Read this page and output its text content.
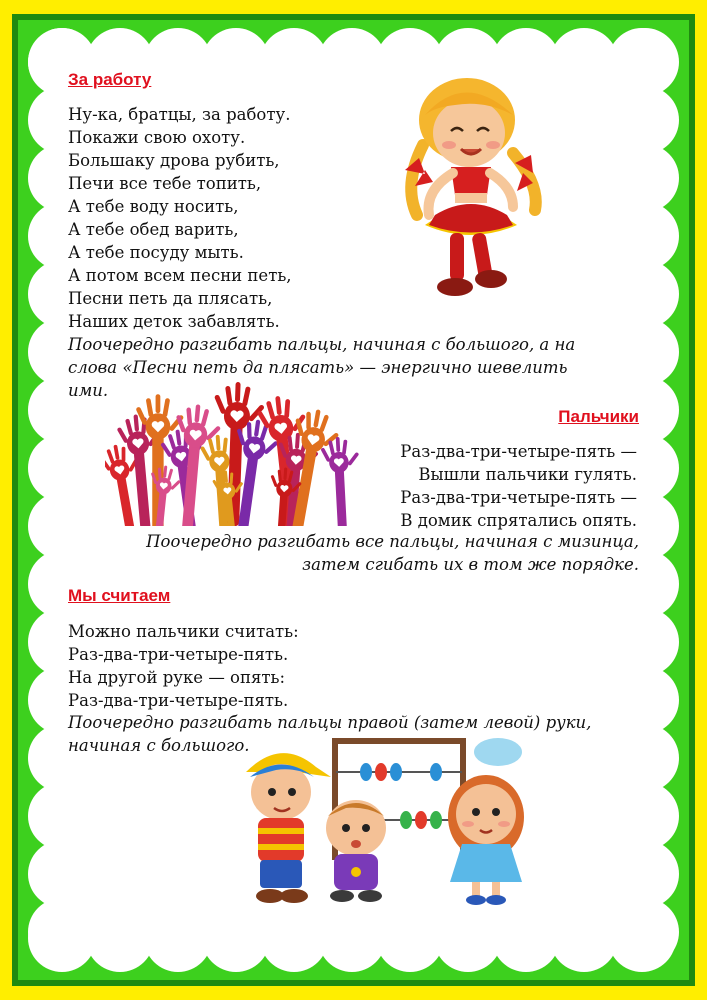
За работу
Ну-ка, братцы, за работу.
Покажи свою охоту.
Большаку дрова рубить,
Печи все тебе топить,
А тебе воду носить,
А тебе обед варить,
А тебе посуду мыть.
А потом всем песни петь,
Песни петь да плясать,
Наших деток забавлять.
Поочередно разгибать пальцы, начиная с большого, а на
слова «Песни петь да плясать» — энергично шевелить
ими.
Пальчики
Раз-два-три-четыре-пять —
Вышли пальчики гулять.
Раз-два-три-четыре-пять —
В домик спрятались опять.
Поочередно разгибать все пальцы, начиная с мизинца,
затем сгибать их в том же порядке.
Мы считаем
Можно пальчики считать:
Раз-два-три-четыре-пять.
На другой руке — опять:
Раз-два-три-четыре-пять.
Поочередно разгибать пальцы правой (затем левой) руки,
начиная с большого.
